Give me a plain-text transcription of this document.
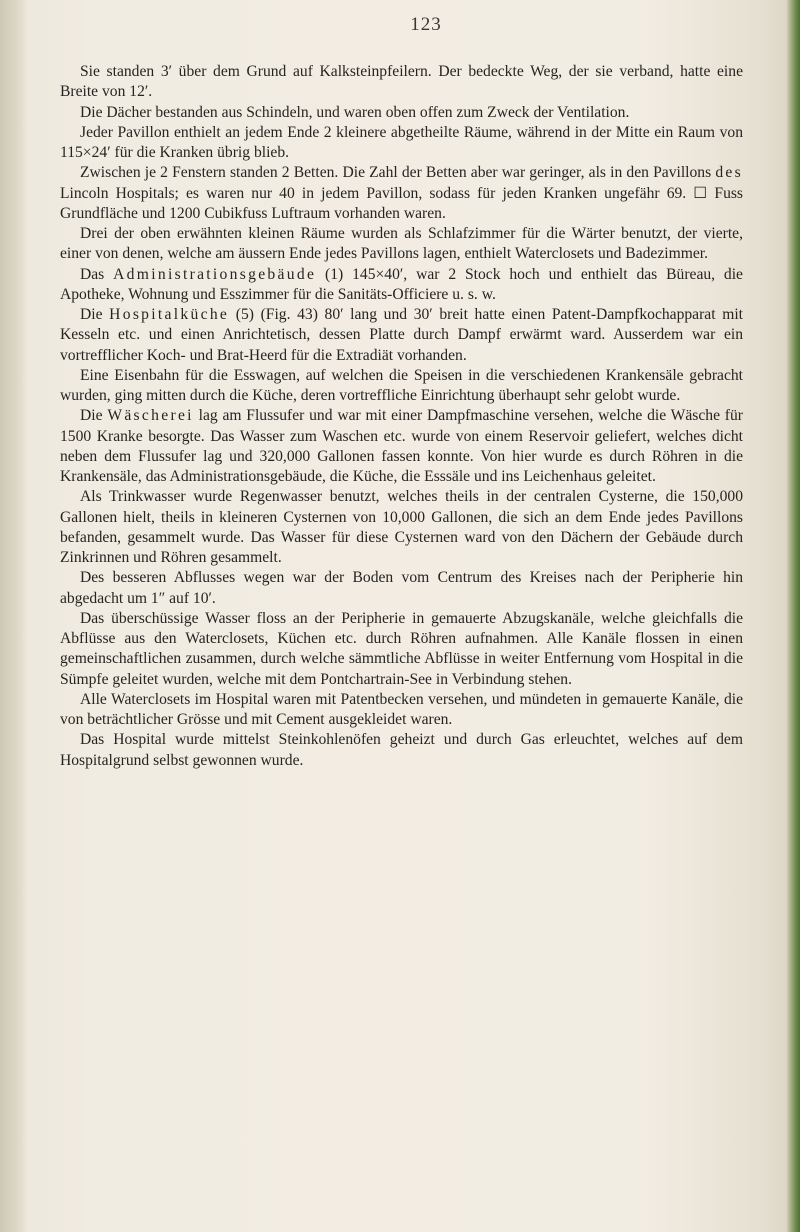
123

Sie standen 3′ über dem Grund auf Kalksteinpfeilern. Der bedeckte Weg, der sie verband, hatte eine Breite von 12′.

Die Dächer bestanden aus Schindeln, und waren oben offen zum Zweck der Ventilation.

Jeder Pavillon enthielt an jedem Ende 2 kleinere abgetheilte Räume, während in der Mitte ein Raum von 115×24′ für die Kranken übrig blieb.

Zwischen je 2 Fenstern standen 2 Betten. Die Zahl der Betten aber war geringer, als in den Pavillons des Lincoln Hospitals; es waren nur 40 in jedem Pavillon, sodass für jeden Kranken ungefähr 69. ☐ Fuss Grundfläche und 1200 Cubikfuss Luftraum vorhanden waren.

Drei der oben erwähnten kleinen Räume wurden als Schlafzimmer für die Wärter benutzt, der vierte, einer von denen, welche am äussern Ende jedes Pavillons lagen, enthielt Waterclosets und Badezimmer.

Das Administrationsgebäude (1) 145×40′, war 2 Stock hoch und enthielt das Büreau, die Apotheke, Wohnung und Esszimmer für die Sanitäts-Officiere u. s. w.

Die Hospitalküche (5) (Fig. 43) 80′ lang und 30′ breit hatte einen Patent-Dampfkochapparat mit Kesseln etc. und einen Anrichtetisch, dessen Platte durch Dampf erwärmt ward. Ausserdem war ein vortrefflicher Koch- und Brat-Heerd für die Extradiät vorhanden.

Eine Eisenbahn für die Esswagen, auf welchen die Speisen in die verschiedenen Krankensäle gebracht wurden, ging mitten durch die Küche, deren vortreffliche Einrichtung überhaupt sehr gelobt wurde.

Die Wäscherei lag am Flussufer und war mit einer Dampfmaschine versehen, welche die Wäsche für 1500 Kranke besorgte. Das Wasser zum Waschen etc. wurde von einem Reservoir geliefert, welches dicht neben dem Flussufer lag und 320,000 Gallonen fassen konnte. Von hier wurde es durch Röhren in die Krankensäle, das Administrationsgebäude, die Küche, die Esssäle und ins Leichenhaus geleitet.

Als Trinkwasser wurde Regenwasser benutzt, welches theils in der centralen Cysterne, die 150,000 Gallonen hielt, theils in kleineren Cysternen von 10,000 Gallonen, die sich an dem Ende jedes Pavillons befanden, gesammelt wurde. Das Wasser für diese Cysternen ward von den Dächern der Gebäude durch Zinkrinnen und Röhren gesammelt.

Des besseren Abflusses wegen war der Boden vom Centrum des Kreises nach der Peripherie hin abgedacht um 1″ auf 10′.

Das überschüssige Wasser floss an der Peripherie in gemauerte Abzugskanäle, welche gleichfalls die Abflüsse aus den Waterclosets, Küchen etc. durch Röhren aufnahmen. Alle Kanäle flossen in einen gemeinschaftlichen zusammen, durch welche sämmtliche Abflüsse in weiter Entfernung vom Hospital in die Sümpfe geleitet wurden, welche mit dem Pontchartrain-See in Verbindung stehen.

Alle Waterclosets im Hospital waren mit Patentbecken versehen, und mündeten in gemauerte Kanäle, die von beträchtlicher Grösse und mit Cement ausgekleidet waren.

Das Hospital wurde mittelst Steinkohlenöfen geheizt und durch Gas erleuchtet, welches auf dem Hospitalgrund selbst gewonnen wurde.
